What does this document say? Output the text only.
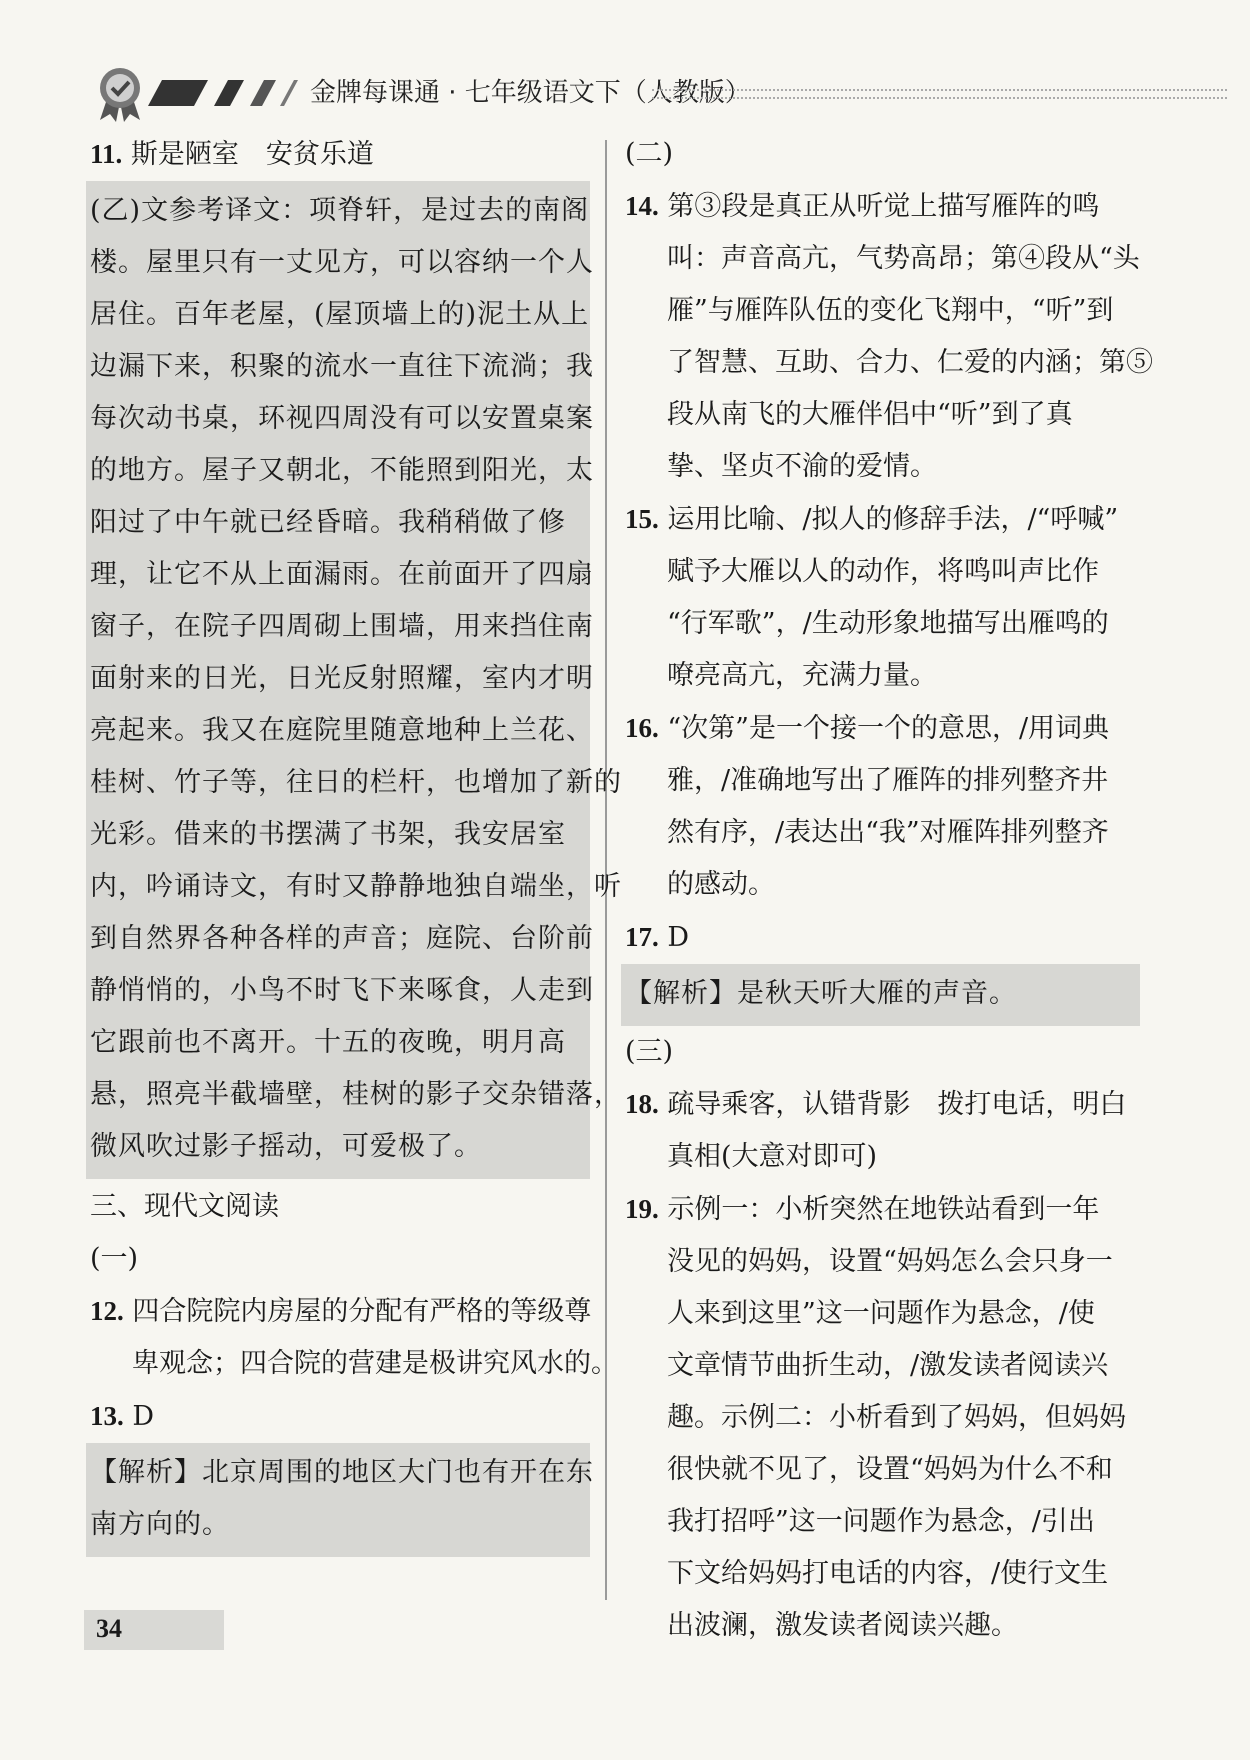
金牌每课通 · 七年级语文下（人教版）
11. 斯是陋室　安贫乐道
(乙)文参考译文：项脊轩，是过去的南阁
楼。屋里只有一丈见方，可以容纳一个人
居住。百年老屋，(屋顶墙上的)泥土从上
边漏下来，积聚的流水一直往下流淌；我
每次动书桌，环视四周没有可以安置桌案
的地方。屋子又朝北，不能照到阳光，太
阳过了中午就已经昏暗。我稍稍做了修
理，让它不从上面漏雨。在前面开了四扇
窗子，在院子四周砌上围墙，用来挡住南
面射来的日光，日光反射照耀，室内才明
亮起来。我又在庭院里随意地种上兰花、
桂树、竹子等，往日的栏杆，也增加了新的
光彩。借来的书摆满了书架，我安居室
内，吟诵诗文，有时又静静地独自端坐，听
到自然界各种各样的声音；庭院、台阶前
静悄悄的，小鸟不时飞下来啄食，人走到
它跟前也不离开。十五的夜晚，明月高
悬，照亮半截墙壁，桂树的影子交杂错落，
微风吹过影子摇动，可爱极了。
三、现代文阅读
(一)
12. 四合院院内房屋的分配有严格的等级尊
卑观念；四合院的营建是极讲究风水的。
13. D
【解析】北京周围的地区大门也有开在东
南方向的。
(二)
14. 第③段是真正从听觉上描写雁阵的鸣
叫：声音高亢，气势高昂；第④段从“头
雁”与雁阵队伍的变化飞翔中，“听”到
了智慧、互助、合力、仁爱的内涵；第⑤
段从南飞的大雁伴侣中“听”到了真
挚、坚贞不渝的爱情。
15. 运用比喻、/拟人的修辞手法，/“呼喊”
赋予大雁以人的动作，将鸣叫声比作
“行军歌”，/生动形象地描写出雁鸣的
嘹亮高亢，充满力量。
16. “次第”是一个接一个的意思，/用词典
雅，/准确地写出了雁阵的排列整齐井
然有序，/表达出“我”对雁阵排列整齐
的感动。
17. D
【解析】是秋天听大雁的声音。
(三)
18. 疏导乘客，认错背影　拨打电话，明白
真相(大意对即可)
19. 示例一：小析突然在地铁站看到一年
没见的妈妈，设置“妈妈怎么会只身一
人来到这里”这一问题作为悬念，/使
文章情节曲折生动，/激发读者阅读兴
趣。示例二：小析看到了妈妈，但妈妈
很快就不见了，设置“妈妈为什么不和
我打招呼”这一问题作为悬念，/引出
下文给妈妈打电话的内容，/使行文生
出波澜，激发读者阅读兴趣。
34
